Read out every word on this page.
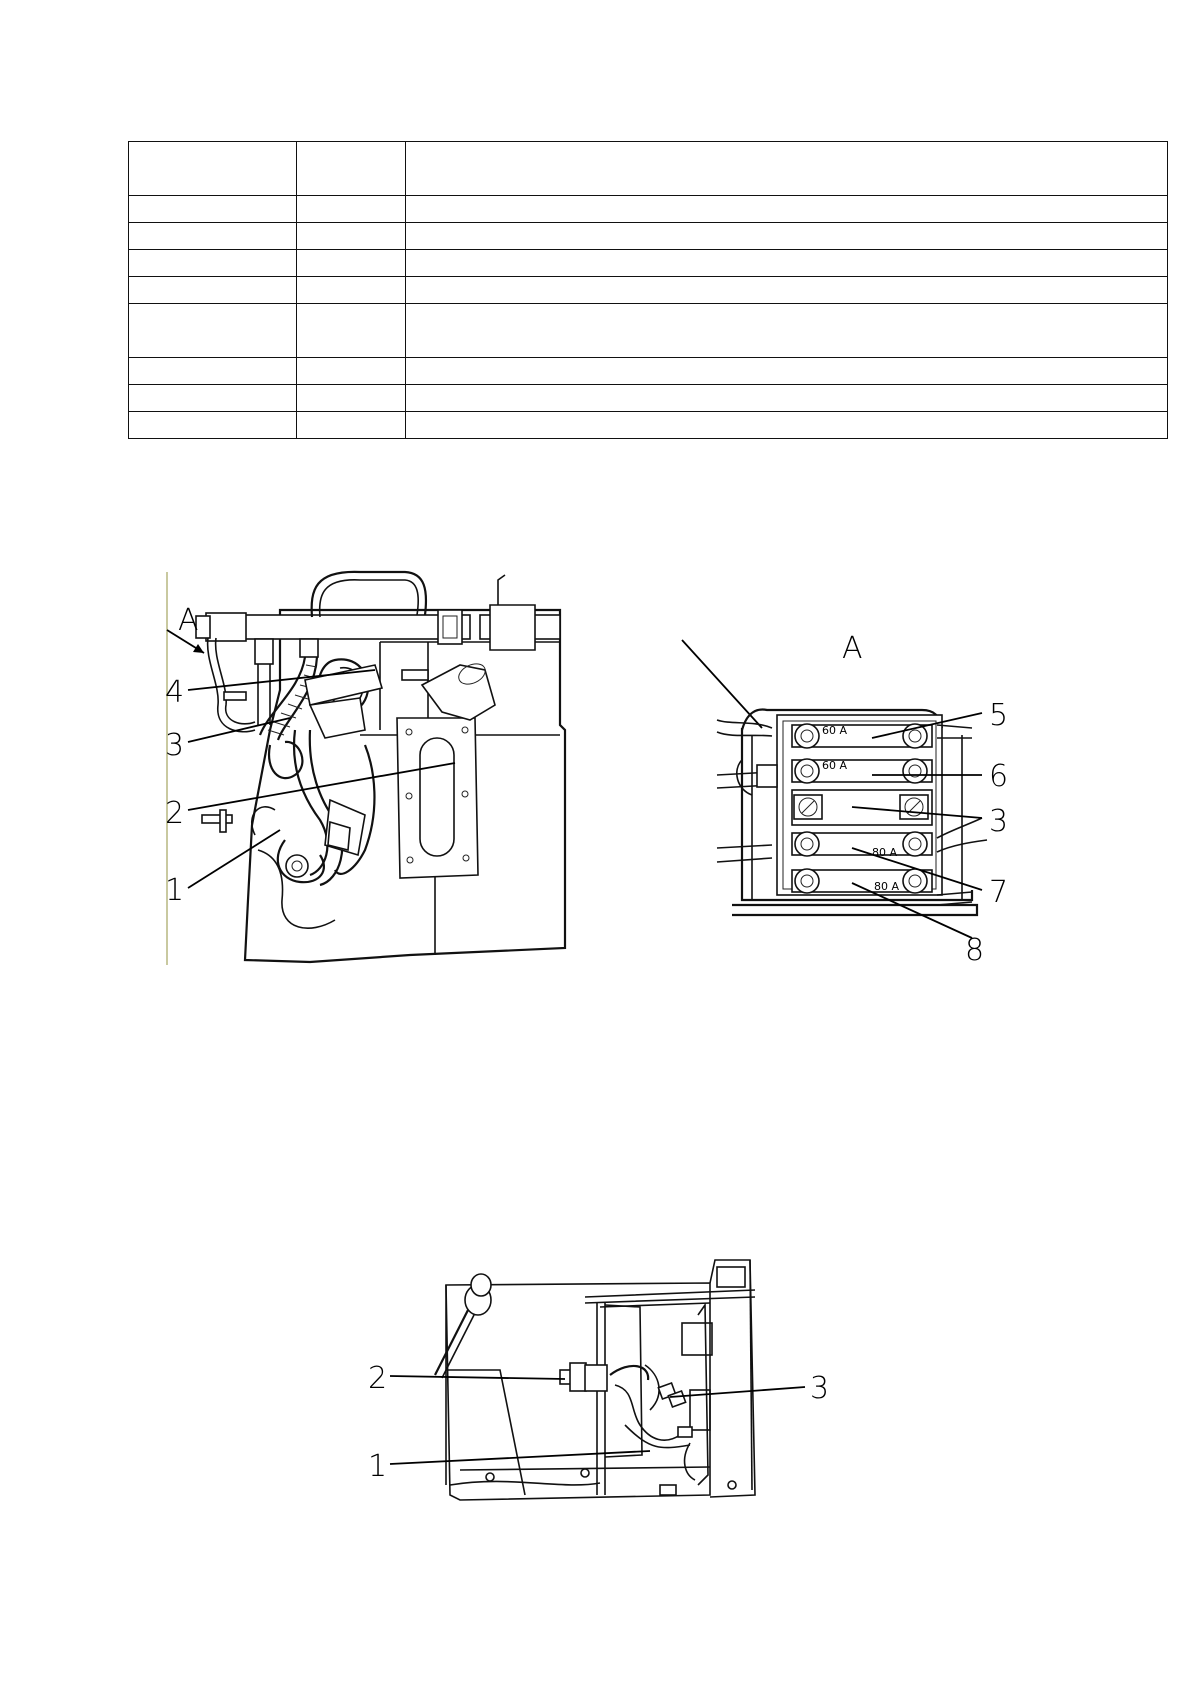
A
4
3
2
1
A
60 A
60 A
80 A
80 A
5
6
3
7
8
2	3
1
